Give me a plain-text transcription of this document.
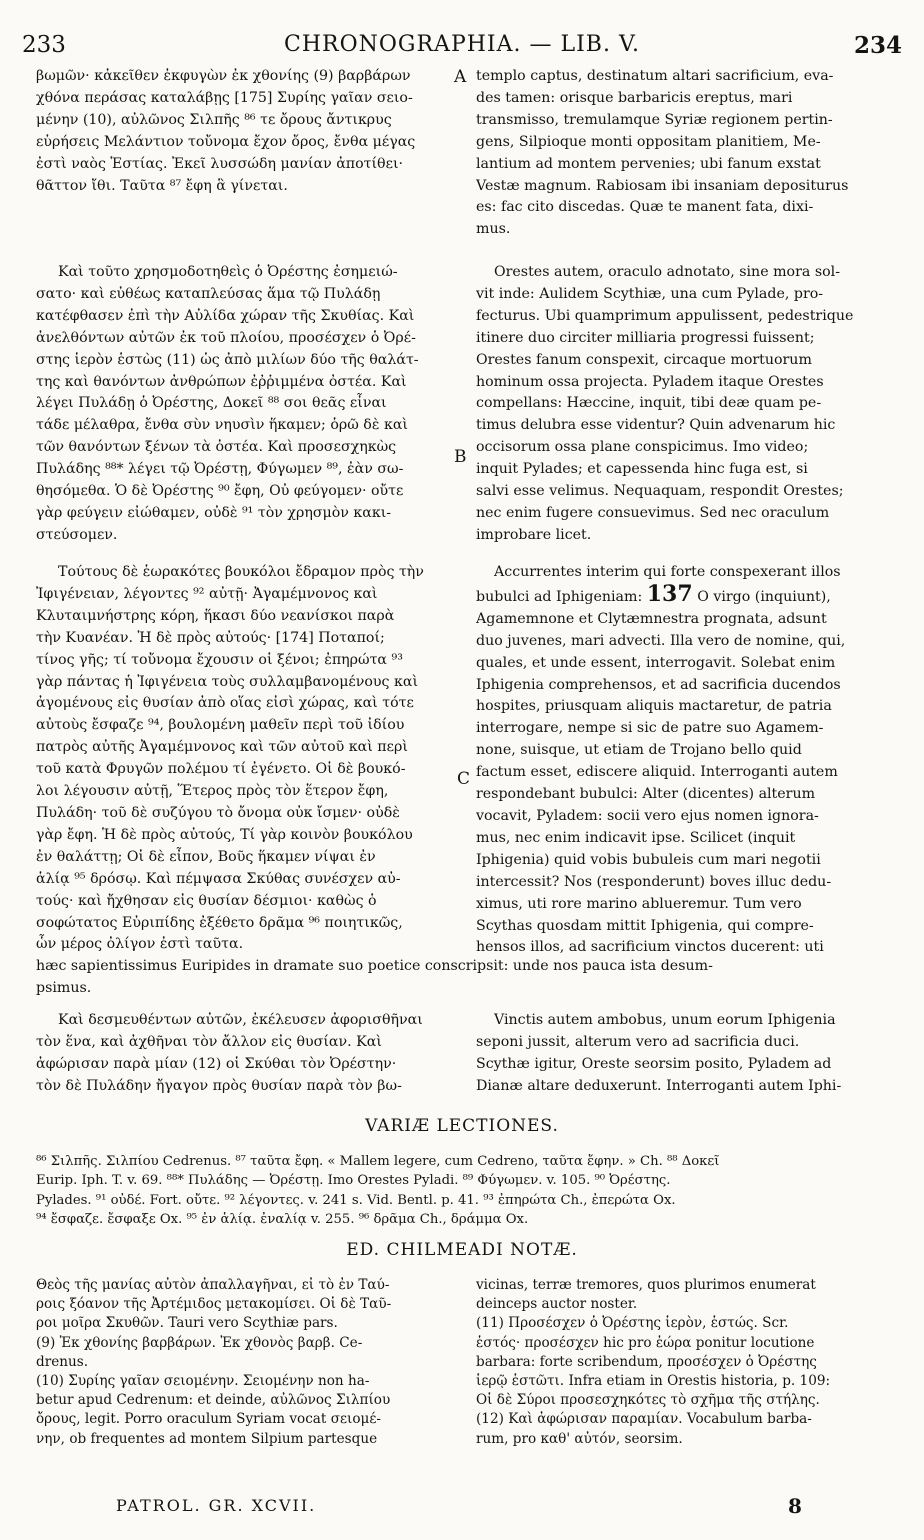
233	CHRONOGRAPHIA. — LIB. V.	234
A
B
C
βωμῶν· κἀκεῖθεν ἐκφυγὼν ἐκ χθονίης (9) βαρβάρων
χθόνα περάσας καταλάβῃς [175] Συρίης γαῖαν σειο-
μένην (10), αὐλῶνος Σιλπῆς ⁸⁶ τε ὄρους ἄντικρυς
εὑρήσεις Μελάντιον τοὔνομα ἔχον ὄρος, ἔνθα μέγας
ἐστὶ ναὸς Ἑστίας. Ἐκεῖ λυσσώδη μανίαν ἀποτίθει·
θᾶττον ἴθι. Ταῦτα ⁸⁷ ἔφη ἃ γίνεται.
Καὶ τοῦτο χρησμοδοτηθεὶς ὁ Ὀρέστης ἐσημειώ-
σατο· καὶ εὐθέως καταπλεύσας ἅμα τῷ Πυλάδῃ
κατέφθασεν ἐπὶ τὴν Αὐλίδα χώραν τῆς Σκυθίας. Καὶ
ἀνελθόντων αὐτῶν ἐκ τοῦ πλοίου, προσέσχεν ὁ Ὀρέ-
στης ἱερὸν ἑστὼς (11) ὡς ἀπὸ μιλίων δύο τῆς θαλάτ-
της καὶ θανόντων ἀνθρώπων ἐῤῥιμμένα ὀστέα. Καὶ
λέγει Πυλάδῃ ὁ Ὀρέστης, Δοκεῖ ⁸⁸ σοι θεᾶς εἶναι
τάδε μέλαθρα, ἔνθα σὺν νηυσὶν ἥκαμεν; ὁρῶ δὲ καὶ
τῶν θανόντων ξένων τὰ ὀστέα. Καὶ προσεσχηκὼς
Πυλάδης ⁸⁸* λέγει τῷ Ὀρέστῃ, Φύγωμεν ⁸⁹, ἐὰν σω-
θησόμεθα. Ὁ δὲ Ὀρέστης ⁹⁰ ἔφη, Οὐ φεύγομεν· οὔτε
γὰρ φεύγειν εἰώθαμεν, οὐδὲ ⁹¹ τὸν χρησμὸν κακι-
στεύσομεν.
Τούτους δὲ ἑωρακότες βουκόλοι ἔδραμον πρὸς τὴν
Ἰφιγένειαν, λέγοντες ⁹² αὐτῇ· Ἀγαμέμνονος καὶ
Κλυταιμνήστρης κόρη, ἥκασι δύο νεανίσκοι παρὰ
τὴν Κυανέαν. Ἡ δὲ πρὸς αὐτούς· [174] Ποταποί;
τίνος γῆς; τί τοὔνομα ἔχουσιν οἱ ξένοι; ἐπηρώτα ⁹³
γὰρ πάντας ἡ Ἰφιγένεια τοὺς συλλαμβανομένους καὶ
ἀγομένους εἰς θυσίαν ἀπὸ οἵας εἰσὶ χώρας, καὶ τότε
αὐτοὺς ἔσφαζε ⁹⁴, βουλομένη μαθεῖν περὶ τοῦ ἰδίου
πατρὸς αὐτῆς Ἀγαμέμνονος καὶ τῶν αὐτοῦ καὶ περὶ
τοῦ κατὰ Φρυγῶν πολέμου τί ἐγένετο. Οἱ δὲ βουκό-
λοι λέγουσιν αὐτῇ, Ἕτερος πρὸς τὸν ἕτερον ἔφη,
Πυλάδη· τοῦ δὲ συζύγου τὸ ὄνομα οὐκ ἴσμεν· οὐδὲ
γὰρ ἔφη. Ἡ δὲ πρὸς αὐτούς, Τί γὰρ κοινὸν βουκόλου
ἐν θαλάττῃ; Οἱ δὲ εἶπον, Βοῦς ἥκαμεν νίψαι ἐν
ἁλίᾳ ⁹⁵ δρόσῳ. Καὶ πέμψασα Σκύθας συνέσχεν αὐ-
τούς· καὶ ἤχθησαν εἰς θυσίαν δέσμιοι· καθὼς ὁ
σοφώτατος Εὐριπίδης ἐξέθετο δρᾶμα ⁹⁶ ποιητικῶς,
ὧν μέρος ὀλίγον ἐστὶ ταῦτα.
templo captus, destinatum altari sacrificium, eva-
des tamen: orisque barbaricis ereptus, mari
transmisso, tremulamque Syriæ regionem pertin-
gens, Silpioque monti oppositam planitiem, Me-
lantium ad montem pervenies; ubi fanum exstat
Vestæ magnum. Rabiosam ibi insaniam depositurus
es: fac cito discedas. Quæ te manent fata, dixi-
mus.
Orestes autem, oraculo adnotato, sine mora sol-
vit inde: Aulidem Scythiæ, una cum Pylade, pro-
fecturus. Ubi quamprimum appulissent, pedestrique
itinere duo circiter milliaria progressi fuissent;
Orestes fanum conspexit, circaque mortuorum
hominum ossa projecta. Pyladem itaque Orestes
compellans: Hæccine, inquit, tibi deæ quam pe-
timus delubra esse videntur? Quin advenarum hic
occisorum ossa plane conspicimus. Imo video;
inquit Pylades; et capessenda hinc fuga est, si
salvi esse velimus. Nequaquam, respondit Orestes;
nec enim fugere consuevimus. Sed nec oraculum
improbare licet.
Accurrentes interim qui forte conspexerant illos
bubulci ad Iphigeniam: 137 O virgo (inquiunt),
Agamemnone et Clytæmnestra prognata, adsunt
duo juvenes, mari advecti. Illa vero de nomine, qui,
quales, et unde essent, interrogavit. Solebat enim
Iphigenia comprehensos, et ad sacrificia ducendos
hospites, priusquam aliquis mactaretur, de patria
interrogare, nempe si sic de patre suo Agamem-
none, suisque, ut etiam de Trojano bello quid
factum esset, ediscere aliquid. Interroganti autem
respondebant bubulci: Alter (dicentes) alterum
vocavit, Pyladem: socii vero ejus nomen ignora-
mus, nec enim indicavit ipse. Scilicet (inquit
Iphigenia) quid vobis bubuleis cum mari negotii
intercessit? Nos (responderunt) boves illuc dedu-
ximus, uti rore marino ablueremur. Tum vero
Scythas quosdam mittit Iphigenia, qui compre-
hensos illos, ad sacrificium vinctos ducerent: uti
hæc sapientissimus Euripides in dramate suo poetice conscripsit: unde nos pauca ista desum-
psimus.
Καὶ δεσμευθέντων αὐτῶν, ἐκέλευσεν ἀφορισθῆναι
τὸν ἕνα, καὶ ἀχθῆναι τὸν ἄλλον εἰς θυσίαν. Καὶ
ἀφώρισαν παρὰ μίαν (12) οἱ Σκύθαι τὸν Ὀρέστην·
τὸν δὲ Πυλάδην ἤγαγον πρὸς θυσίαν παρὰ τὸν βω-
Vinctis autem ambobus, unum eorum Iphigenia
seponi jussit, alterum vero ad sacrificia duci.
Scythæ igitur, Oreste seorsim posito, Pyladem ad
Dianæ altare deduxerunt. Interroganti autem Iphi-
VARIÆ LECTIONES.
⁸⁶ Σιλπῆς. Σιλπίου Cedrenus. ⁸⁷ ταῦτα ἔφη. « Mallem legere, cum Cedreno, ταῦτα ἔφην. » Ch. ⁸⁸ Δοκεῖ
Eurip. Iph. T. v. 69. ⁸⁸* Πυλάδης — Ὀρέστῃ. Imo Orestes Pyladi. ⁸⁹ Φύγωμεν. v. 105. ⁹⁰ Ὀρέστης.
Pylades. ⁹¹ οὐδέ. Fort. οὔτε. ⁹² λέγοντες. v. 241 s. Vid. Bentl. p. 41. ⁹³ ἐπηρώτα Ch., ἐπερώτα Ox.
⁹⁴ ἔσφαζε. ἔσφαξε Ox. ⁹⁵ ἐν ἁλίᾳ. ἐναλίᾳ v. 255. ⁹⁶ δρᾶμα Ch., δράμμα Ox.
ED. CHILMEADI NOTÆ.
Θεὸς τῆς μανίας αὐτὸν ἀπαλλαγῆναι, εἰ τὸ ἐν Ταύ-
ροις ξόανον τῆς Ἀρτέμιδος μετακομίσει. Οἱ δὲ Ταῦ-
ροι μοῖρα Σκυθῶν. Tauri vero Scythiæ pars.
(9) Ἐκ χθονίης βαρβάρων. Ἐκ χθονὸς βαρβ. Ce-
drenus.
(10) Συρίης γαῖαν σειομένην. Σειομένην non ha-
betur apud Cedrenum: et deinde, αὐλῶνος Σιλπίου
ὄρους, legit. Porro oraculum Syriam vocat σειομέ-
νην, ob frequentes ad montem Silpium partesque
vicinas, terræ tremores, quos plurimos enumerat
deinceps auctor noster.
(11) Προσέσχεν ὁ Ὀρέστης ἱερὸν, ἑστώς. Scr.
ἑστός· προσέσχεν hic pro ἑώρα ponitur locutione
barbara: forte scribendum, προσέσχεν ὁ Ὀρέστης
ἱερῷ ἑστῶτι. Infra etiam in Orestis historia, p. 109:
Οἱ δὲ Σύροι προσεσχηκότες τὸ σχῆμα τῆς στήλης.
(12) Καὶ ἀφώρισαν παραμίαν. Vocabulum barba-
rum, pro καθ' αὐτόν, seorsim.
PATROL. GR. XCVII.	8
